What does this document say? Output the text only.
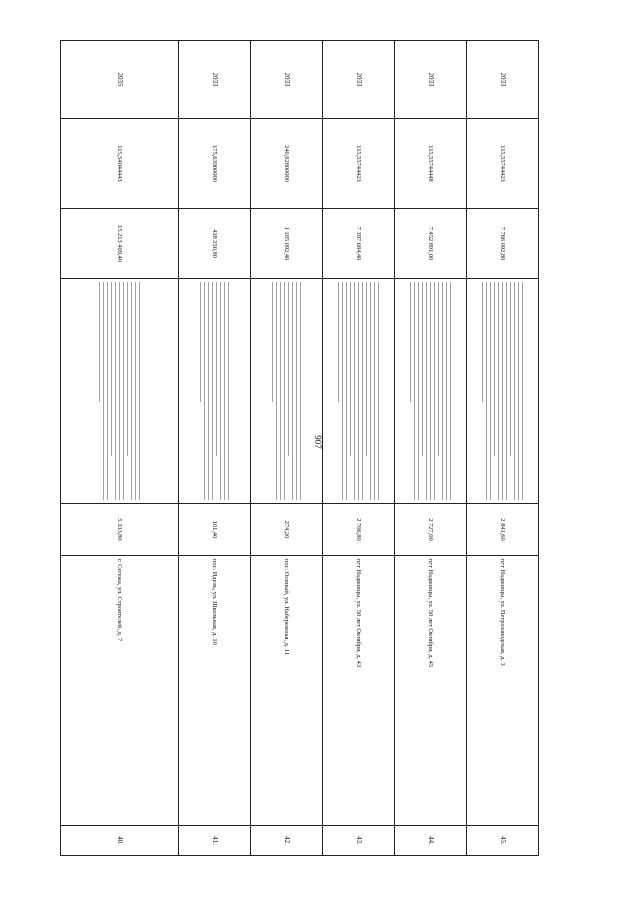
907
2033	115,55744423	7 766 092,80		2 841,60	пгт Надвоицы, ул. Петрозаводская, д. 3	45.
2033	115,55744448	7 452 891,00		2 727,00	пгт Надвоицы, ул. 50 лет Октября, д. 45	44.
2033	115,55744423	7 397 684,40		2 706,80	пгт Надвоицы, ул. 50 лет Октября, д. 43	43.
2033	240,62800000	1 185 092,40		274,20	пос. Осиный, ул. Набережная, д. 11	42.
2033	175,63900000	438 250,80		101,40	пос. Идель, ул. Школьная, д. 10	41.
2035	115,54044443	15 213 409,40		5 333,80	г. Сегежа, ул. Строителей, д. 7	40.
